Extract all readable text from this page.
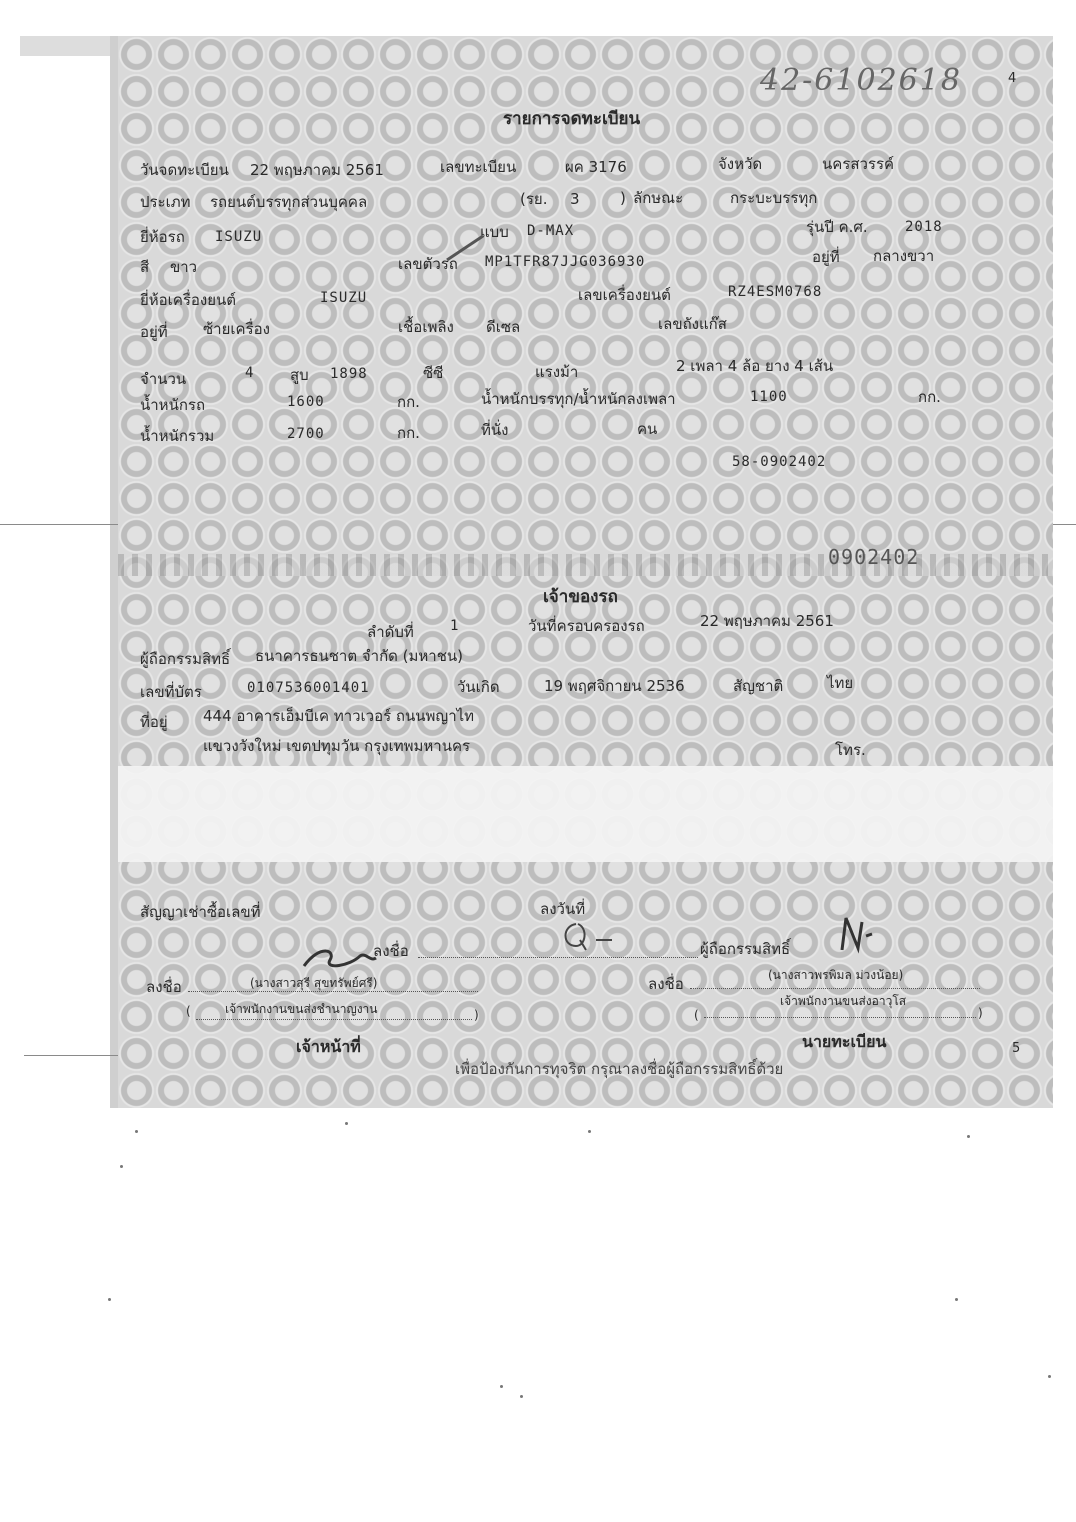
42-6102618	4
รายการจดทะเบียน
วันจดทะเบียน 22 พฤษภาคม 2561	เลขทะเบียน	ผค 3176	จังหวัด	นครสวรรค์
ประเภท รถยนต์บรรทุกส่วนบุคคล	(รย. 3	) ลักษณะ	กระบะบรรทุก
ยี่ห้อรถ ISUZU	แบบ D-MAX	รุ่นปี ค.ศ.	2018
สี ขาว	เลขตัวรถ MP1TFR87JJG036930	อยู่ที่ กลางขวา
ยี่ห้อเครื่องยนต์	ISUZU	เลขเครื่องยนต์	RZ4ESM0768
อยู่ที่ ซ้ายเครื่อง	เชื้อเพลิง ดีเซล	เลขถังแก๊ส
จำนวน	4 สูบ 1898	ซีซี	แรงม้า	2 เพลา 4 ล้อ ยาง 4 เส้น
น้ำหนักรถ	1600	กก.	น้ำหนักบรรทุก/น้ำหนักลงเพลา	1100	กก.
น้ำหนักรวม	2700	กก.	ที่นั่ง	คน
58-0902402
0902402
เจ้าของรถ
ลำดับที่	1	วันที่ครอบครองรถ	22 พฤษภาคม 2561
ผู้ถือกรรมสิทธิ์ ธนาคารธนชาต จำกัด (มหาชน)
เลขที่บัตร	0107536001401	วันเกิด	19 พฤศจิกายน 2536	สัญชาติ	ไทย
ที่อยู่ 444 อาคารเอ็มบีเค ทาวเวอร์ ถนนพญาไท
แขวงวังใหม่ เขตปทุมวัน กรุงเทพมหานคร	โทร.
สัญญาเช่าซื้อเลขที่	ลงวันที่
ลงชื่อ	ผู้ถือกรรมสิทธิ์
ลงชื่อ	(นางสาวสุรี สุขทรัพย์ศรี)	ลงชื่อ	(นางสาวพรพิมล ม่วงน้อย)
(	เจ้าพนักงานขนส่งชำนาญงาน	)	(
เจ้าพนักงานขนส่งอาวุโส
)
เจ้าหน้าที่	นายทะเบียน	5
เพื่อป้องกันการทุจริต กรุณาลงชื่อผู้ถือกรรมสิทธิ์ด้วย
